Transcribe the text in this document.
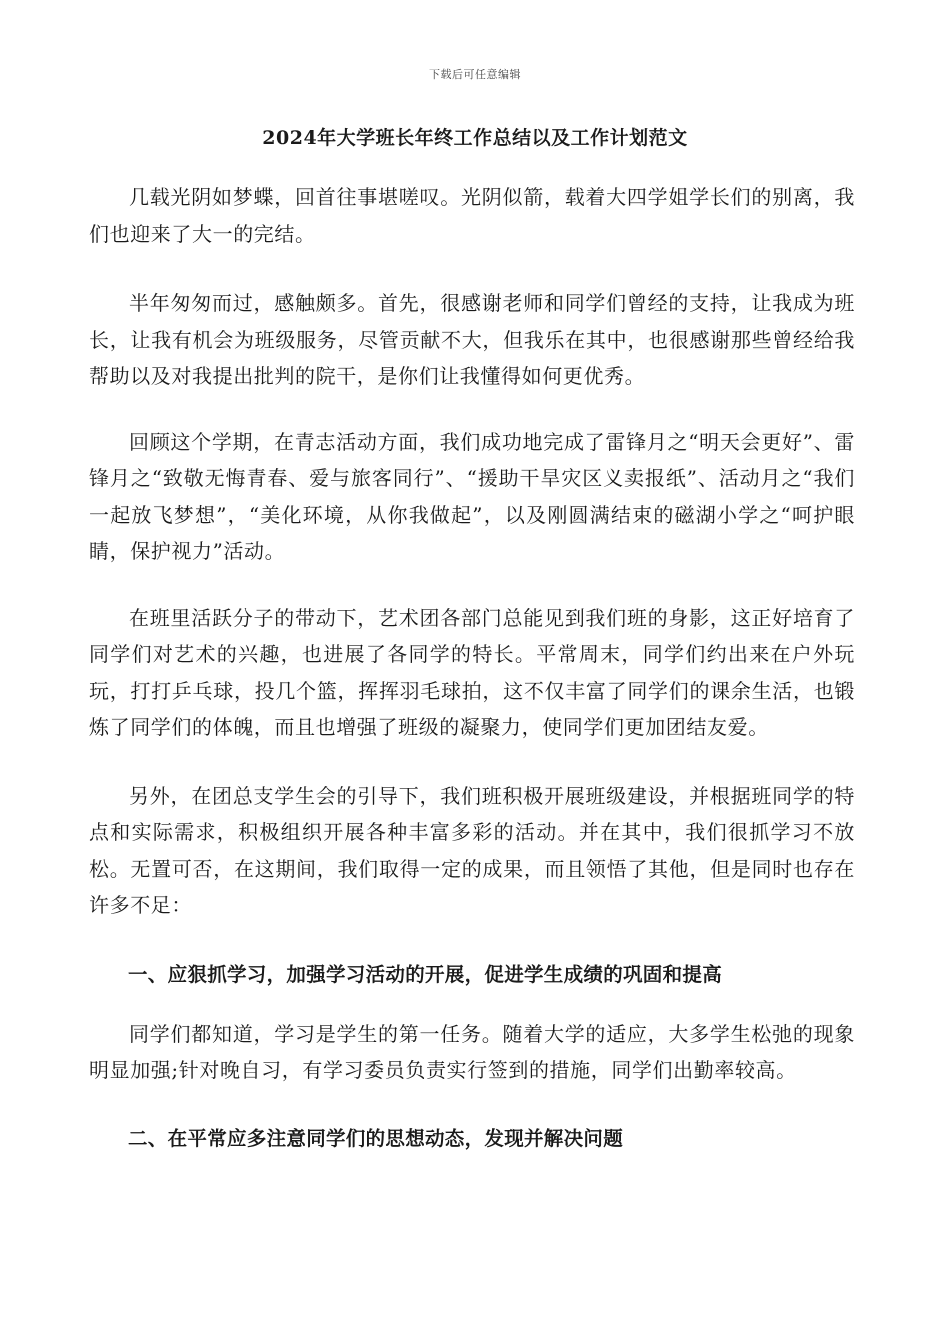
下载后可任意编辑
2024年大学班长年终工作总结以及工作计划范文

几载光阴如梦蝶，回首往事堪嗟叹。光阴似箭，载着大四学姐学长们的别离，我们也迎来了大一的完结。

半年匆匆而过，感触颇多。首先，很感谢老师和同学们曾经的支持，让我成为班长，让我有机会为班级服务，尽管贡献不大，但我乐在其中，也很感谢那些曾经给我帮助以及对我提出批判的院干，是你们让我懂得如何更优秀。

回顾这个学期，在青志活动方面，我们成功地完成了雷锋月之“明天会更好”、雷锋月之“致敬无悔青春、爱与旅客同行”、“援助干旱灾区义卖报纸”、活动月之“我们一起放飞梦想”，“美化环境，从你我做起”，以及刚圆满结束的磁湖小学之“呵护眼睛，保护视力”活动。

在班里活跃分子的带动下，艺术团各部门总能见到我们班的身影，这正好培育了同学们对艺术的兴趣，也进展了各同学的特长。平常周末，同学们约出来在户外玩玩，打打乒乓球，投几个篮，挥挥羽毛球拍，这不仅丰富了同学们的课余生活，也锻炼了同学们的体魄，而且也增强了班级的凝聚力，使同学们更加团结友爱。

另外，在团总支学生会的引导下，我们班积极开展班级建设，并根据班同学的特点和实际需求，积极组织开展各种丰富多彩的活动。并在其中，我们很抓学习不放松。无置可否，在这期间，我们取得一定的成果，而且领悟了其他，但是同时也存在许多不足：

一、应狠抓学习，加强学习活动的开展，促进学生成绩的巩固和提高

同学们都知道，学习是学生的第一任务。随着大学的适应，大多学生松弛的现象明显加强;针对晚自习，有学习委员负责实行签到的措施，同学们出勤率较高。

二、在平常应多注意同学们的思想动态，发现并解决问题
